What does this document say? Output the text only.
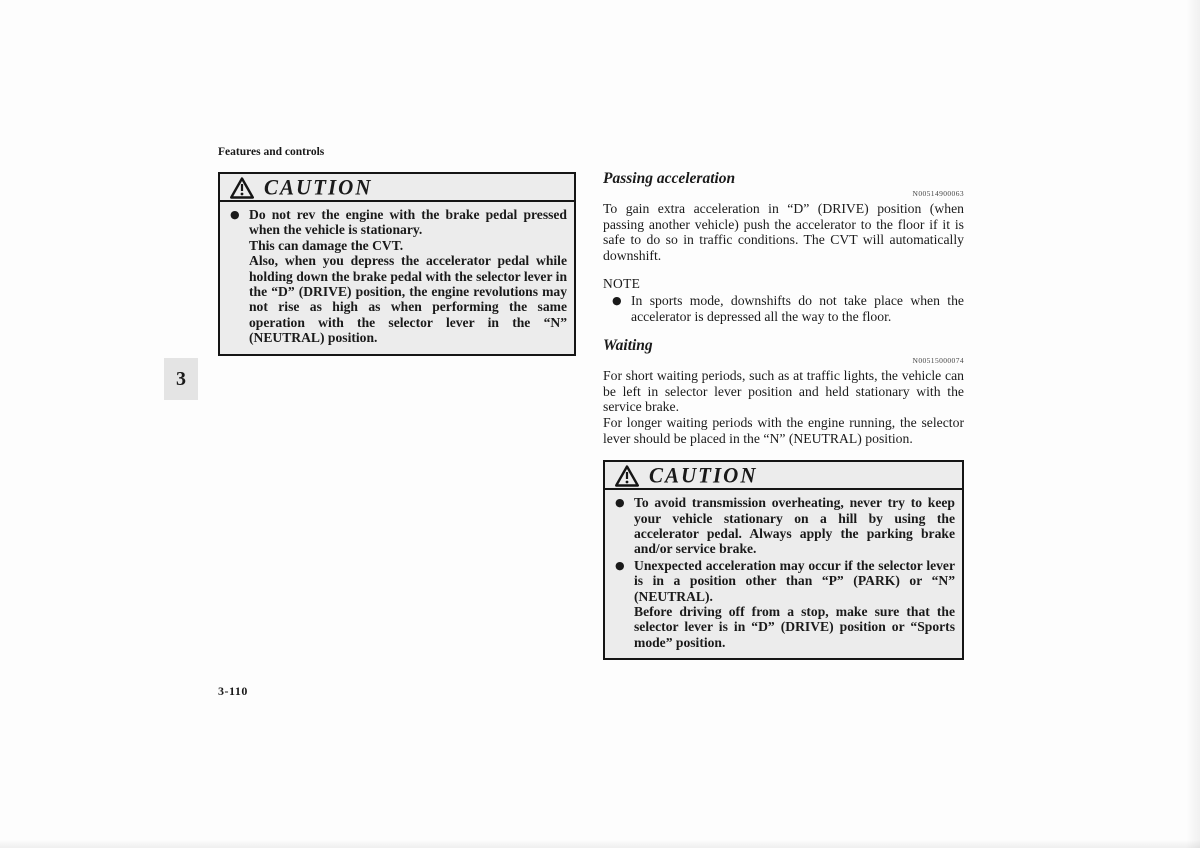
Features and controls
3
3-110
CAUTION
● Do not rev the engine with the brake pedal pressed when the vehicle is stationary.

This can damage the CVT.

Also, when you depress the accelerator pedal while holding down the brake pedal with the selector lever in the “D” (DRIVE) position, the engine revolutions may not rise as high as when performing the same operation with the selector lever in the “N” (NEUTRAL) position.

Passing acceleration
N00514900063

To gain extra acceleration in “D” (DRIVE) position (when passing another vehicle) push the accelerator to the floor if it is safe to do so in traffic conditions. The CVT will automatically downshift.

NOTE
● In sports mode, downshifts do not take place when the accelerator is depressed all the way to the floor.
Waiting
N00515000074

For short waiting periods, such as at traffic lights, the vehicle can be left in selector lever position and held stationary with the service brake.

For longer waiting periods with the engine running, the selector lever should be placed in the “N” (NEUTRAL) position.

CAUTION
● To avoid transmission overheating, never try to keep your vehicle stationary on a hill by using the accelerator pedal. Always apply the parking brake and/or service brake.

● Unexpected acceleration may occur if the selector lever is in a position other than “P” (PARK) or “N” (NEUTRAL).

Before driving off from a stop, make sure that the selector lever is in “D” (DRIVE) position or “Sports mode” position.
